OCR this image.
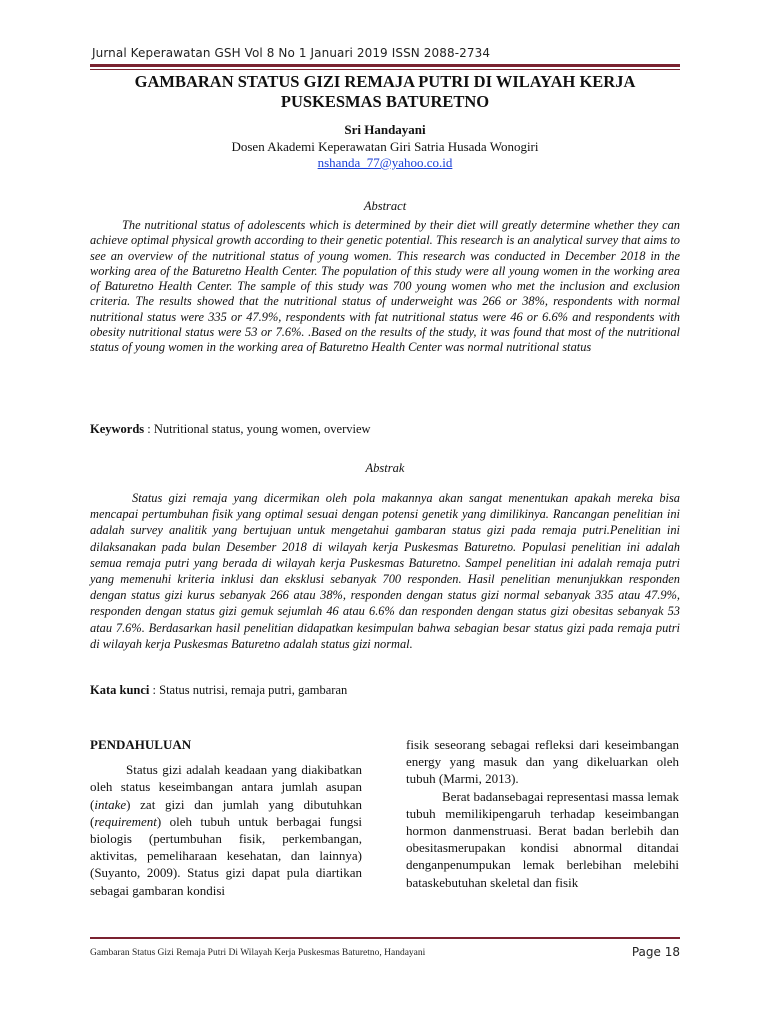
Jurnal Keperawatan GSH Vol 8 No 1 Januari 2019 ISSN 2088-2734
GAMBARAN STATUS GIZI REMAJA PUTRI DI WILAYAH KERJA
PUSKESMAS BATURETNO
Sri Handayani
Dosen Akademi Keperawatan Giri Satria Husada Wonogiri
nshanda_77@yahoo.co.id
Abstract

The nutritional status of adolescents which is determined by their diet will greatly determine whether they can achieve optimal physical growth according to their genetic potential. This research is an analytical survey that aims to see an overview of the nutritional status of young women. This research was conducted in December 2018 in the working area of the Baturetno Health Center. The population of this study were all young women in the working area of Baturetno Health Center. The sample of this study was 700 young women who met the inclusion and exclusion criteria. The results showed that the nutritional status of underweight was 266 or 38%, respondents with normal nutritional status were 335 or 47.9%, respondents with fat nutritional status were 46 or 6.6% and respondents with obesity nutritional status were 53 or 7.6%. .Based on the results of the study, it was found that most of the nutritional status of young women in the working area of Baturetno Health Center was normal nutritional status

Keywords : Nutritional status, young women, overview
Abstrak

Status gizi remaja yang dicermikan oleh pola makannya akan sangat menentukan apakah mereka bisa mencapai pertumbuhan fisik yang optimal sesuai dengan potensi genetik yang dimilikinya. Rancangan penelitian ini adalah survey analitik yang bertujuan untuk mengetahui gambaran status gizi pada remaja putri.Penelitian ini dilaksanakan pada bulan Desember 2018 di wilayah kerja Puskesmas Baturetno. Populasi penelitian ini adalah semua remaja putri yang berada di wilayah kerja Puskesmas Baturetno. Sampel penelitian ini adalah remaja putri yang memenuhi kriteria inklusi dan eksklusi sebanyak 700 responden. Hasil penelitian menunjukkan responden dengan status gizi kurus sebanyak 266 atau 38%, responden dengan status gizi normal sebanyak 335 atau 47.9%, responden dengan status gizi gemuk sejumlah 46 atau 6.6% dan responden dengan status gizi obesitas sebanyak 53 atau 7.6%. Berdasarkan hasil penelitian didapatkan kesimpulan bahwa sebagian besar status gizi pada remaja putri di wilayah kerja Puskesmas Baturetno adalah status gizi normal.

Kata kunci : Status nutrisi, remaja putri, gambaran

PENDAHULUAN

Status gizi adalah keadaan yang diakibatkan oleh status keseimbangan antara jumlah asupan (intake) zat gizi dan jumlah yang dibutuhkan (requirement) oleh tubuh untuk berbagai fungsi biologis (pertumbuhan fisik, perkembangan, aktivitas, pemeliharaan kesehatan, dan lainnya) (Suyanto, 2009). Status gizi dapat pula diartikan sebagai gambaran kondisi

fisik seseorang sebagai refleksi dari keseimbangan energy yang masuk dan yang dikeluarkan oleh tubuh (Marmi, 2013).

Berat badansebagai representasi massa lemak tubuh memilikipengaruh terhadap keseimbangan hormon danmenstruasi. Berat badan berlebih dan obesitasmerupakan kondisi abnormal ditandai denganpenumpukan lemak berlebihan melebihi bataskebutuhan skeletal dan fisik

Gambaran Status Gizi Remaja Putri Di Wilayah Kerja Puskesmas Baturetno, Handayani	Page 18
